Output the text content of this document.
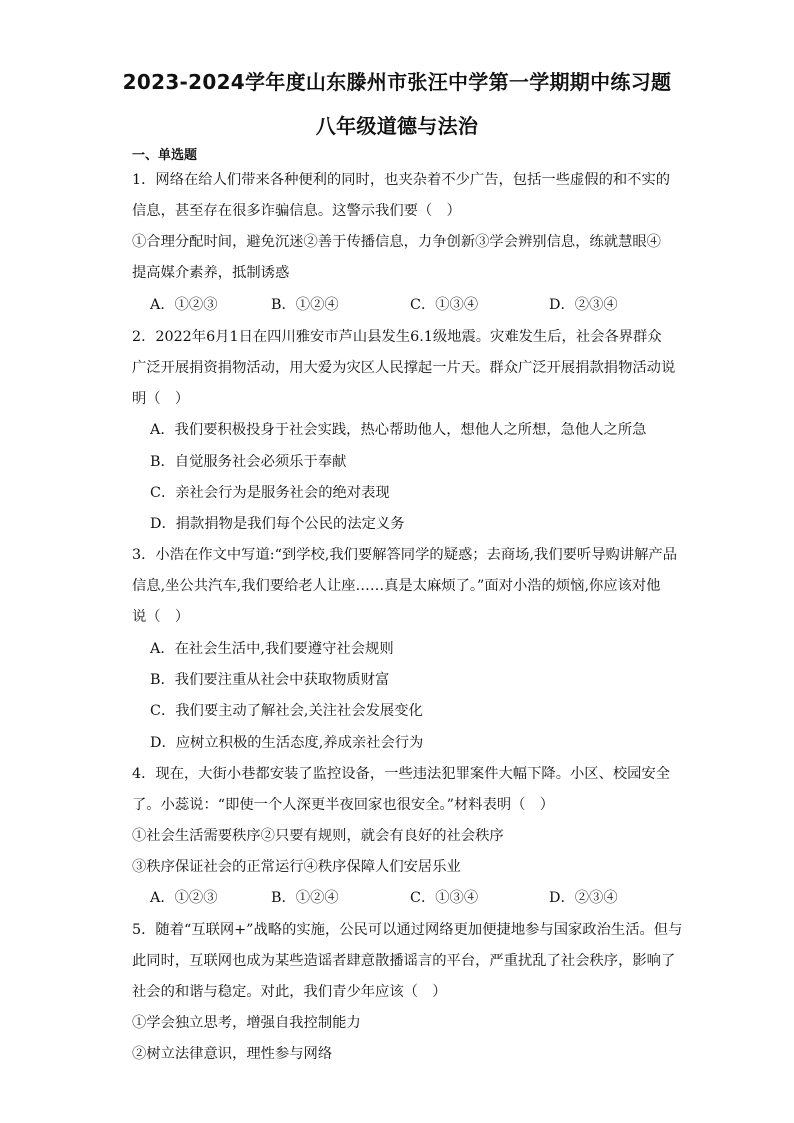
2023-2024学年度山东滕州市张汪中学第一学期期中练习题
八年级道德与法治
一、单选题
1．网络在给人们带来各种便利的同时，也夹杂着不少广告，包括一些虚假的和不实的
信息，甚至存在很多诈骗信息。这警示我们要（　）
①合理分配时间，避免沉迷②善于传播信息，力争创新③学会辨别信息，练就慧眼④
提高媒介素养，抵制诱惑
A．①②③	B．①②④	C．①③④	D．②③④
2．2022年6月1日在四川雅安市芦山县发生6.1级地震。灾难发生后，社会各界群众
广泛开展捐资捐物活动，用大爱为灾区人民撑起一片天。群众广泛开展捐款捐物活动说
明（　）
A．我们要积极投身于社会实践，热心帮助他人，想他人之所想，急他人之所急
B．自觉服务社会必须乐于奉献
C．亲社会行为是服务社会的绝对表现
D．捐款捐物是我们每个公民的法定义务
3．小浩在作文中写道:“到学校,我们要解答同学的疑惑；去商场,我们要听导购讲解产品
信息,坐公共汽车,我们要给老人让座……真是太麻烦了。”面对小浩的烦恼,你应该对他
说（　）
A．在社会生活中,我们要遵守社会规则
B．我们要注重从社会中获取物质财富
C．我们要主动了解社会,关注社会发展变化
D．应树立积极的生活态度,养成亲社会行为
4．现在，大街小巷都安装了监控设备，一些违法犯罪案件大幅下降。小区、校园安全
了。小蕊说：“即使一个人深更半夜回家也很安全。”材料表明（　）
①社会生活需要秩序②只要有规则，就会有良好的社会秩序
③秩序保证社会的正常运行④秩序保障人们安居乐业
A．①②③	B．①②④	C．①③④	D．②③④
5．随着“互联网+”战略的实施，公民可以通过网络更加便捷地参与国家政治生活。但与
此同时，互联网也成为某些造谣者肆意散播谣言的平台，严重扰乱了社会秩序，影响了
社会的和谐与稳定。对此，我们青少年应该（　）
①学会独立思考，增强自我控制能力
②树立法律意识，理性参与网络
